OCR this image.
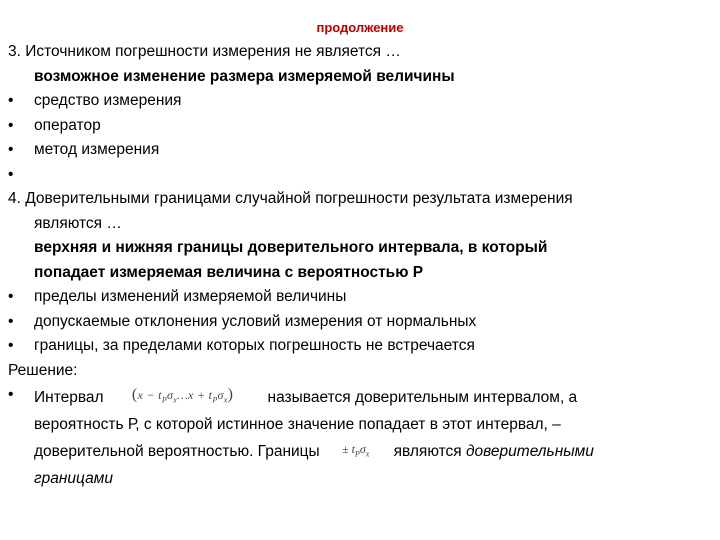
продолжение
3. Источником погрешности измерения не является …
возможное изменение размера измеряемой величины
•	средство измерения
•	оператор
•	метод измерения
•
4. Доверительными границами случайной погрешности результата измерения
являются …
верхняя и нижняя границы доверительного интервала, в который
попадает измеряемая величина с вероятностью Р
•	пределы изменений измеряемой величины
•	допускаемые отклонения условий измерения от нормальных
•	границы, за пределами которых погрешность не встречается
Решение:
•	Интервал $(x - t_P\sigma_x\dots x + t_P\sigma_x)$ называется доверительным интервалом, а
вероятность Р, с которой истинное значение попадает в этот интервал, –
доверительной вероятностью. Границы ± $t_P\sigma_x$ являются доверительными
границами
